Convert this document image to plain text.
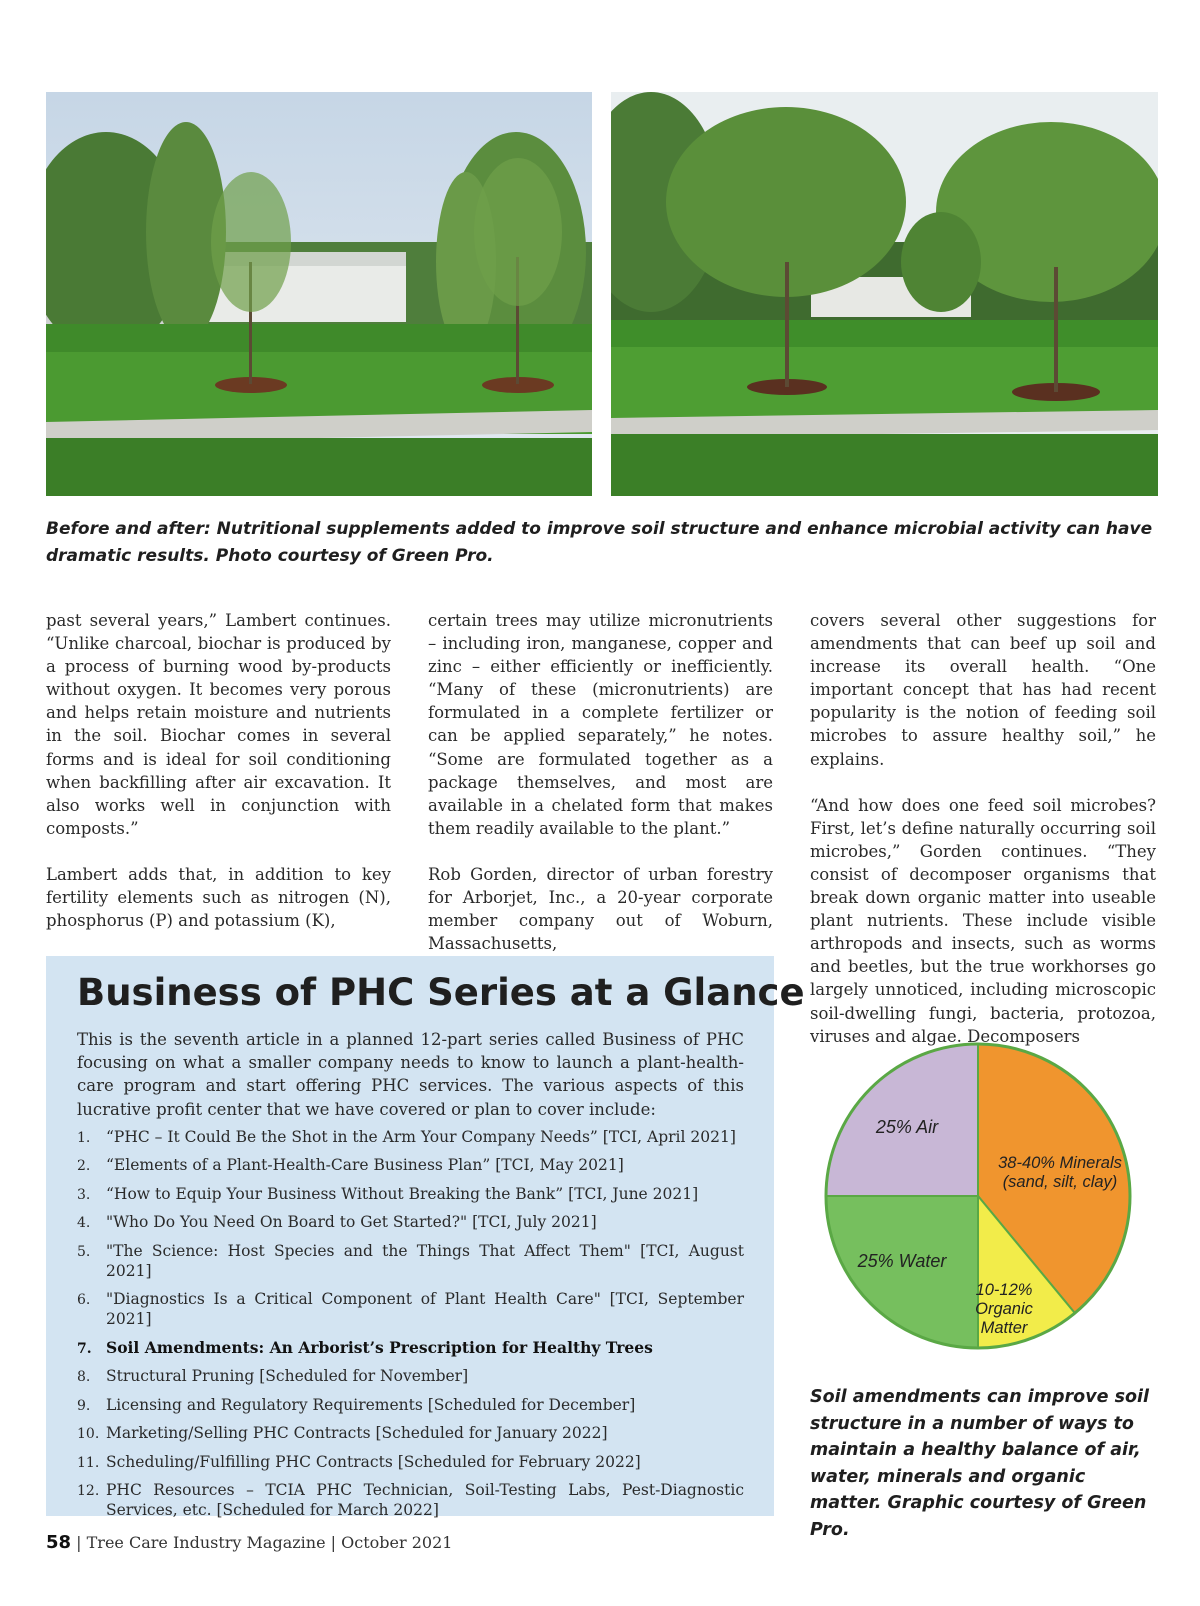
Before and after: Nutritional supplements added to improve soil structure and enhance microbial activity can have dramatic results. Photo courtesy of Green Pro.

past several years,” Lambert continues. “Unlike charcoal, biochar is produced by a process of burning wood by-products without oxygen. It becomes very porous and helps retain moisture and nutrients in the soil. Biochar comes in several forms and is ideal for soil conditioning when backfilling after air excavation. It also works well in conjunction with composts.”

Lambert adds that, in addition to key fertility elements such as nitrogen (N), phosphorus (P) and potassium (K),

certain trees may utilize micronutrients – including iron, manganese, copper and zinc – either efficiently or inefficiently. “Many of these (micronutrients) are formulated in a complete fertilizer or can be applied separately,” he notes. “Some are formulated together as a package themselves, and most are available in a chelated form that makes them readily available to the plant.”

Rob Gorden, director of urban forestry for Arborjet, Inc., a 20-year corporate member company out of Woburn, Massachusetts,

covers several other suggestions for amendments that can beef up soil and increase its overall health. “One important concept that has had recent popularity is the notion of feeding soil microbes to assure healthy soil,” he explains.

“And how does one feed soil microbes? First, let’s define naturally occurring soil microbes,” Gorden continues. “They consist of decomposer organisms that break down organic matter into useable plant nutrients. These include visible arthropods and insects, such as worms and beetles, but the true workhorses go largely unnoticed, including microscopic soil-dwelling fungi, bacteria, protozoa, viruses and algae. Decomposers

Business of PHC Series at a Glance

This is the seventh article in a planned 12-part series called Business of PHC focusing on what a smaller company needs to know to launch a plant-health-care program and start offering PHC services. The various aspects of this lucrative profit center that we have covered or plan to cover include:

1. “PHC – It Could Be the Shot in the Arm Your Company Needs” [TCI, April 2021]
2. “Elements of a Plant-Health-Care Business Plan” [TCI, May 2021]
3. “How to Equip Your Business Without Breaking the Bank” [TCI, June 2021]
4. "Who Do You Need On Board to Get Started?" [TCI, July 2021]
5. "The Science: Host Species and the Things That Affect Them" [TCI, August 2021]
6. "Diagnostics Is a Critical Component of Plant Health Care" [TCI, September 2021]
7. Soil Amendments: An Arborist’s Prescription for Healthy Trees
8. Structural Pruning [Scheduled for November]
9. Licensing and Regulatory Requirements [Scheduled for December]
10. Marketing/Selling PHC Contracts [Scheduled for January 2022]
11. Scheduling/Fulfilling PHC Contracts [Scheduled for February 2022]
12. PHC Resources – TCIA PHC Technician, Soil-Testing Labs, Pest-Diagnostic Services, etc. [Scheduled for March 2022]
25% Air
38-40% Minerals
(sand, silt, clay)
25% Water
10-12%
Organic
Matter
Soil amendments can improve soil structure in a number of ways to maintain a healthy balance of air, water, minerals and organic matter. Graphic courtesy of Green Pro.
58 | Tree Care Industry Magazine | October 2021
